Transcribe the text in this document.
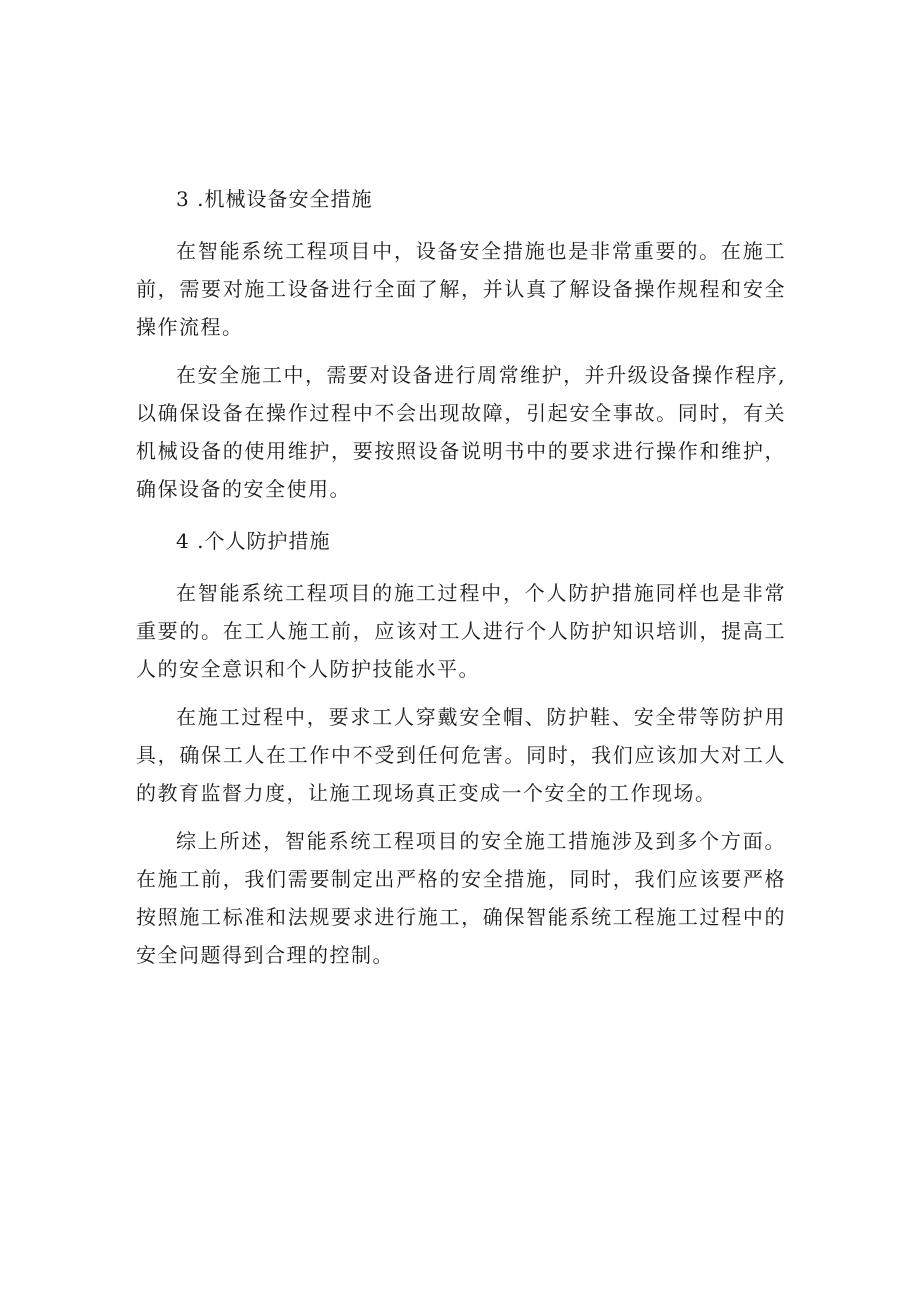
3 .机械设备安全措施

在智能系统工程项目中，设备安全措施也是非常重要的。在施工前，需要对施工设备进行全面了解，并认真了解设备操作规程和安全操作流程。

在安全施工中，需要对设备进行周常维护，并升级设备操作程序,以确保设备在操作过程中不会出现故障，引起安全事故。同时，有关机械设备的使用维护，要按照设备说明书中的要求进行操作和维护，确保设备的安全使用。

4 .个人防护措施

在智能系统工程项目的施工过程中，个人防护措施同样也是非常重要的。在工人施工前，应该对工人进行个人防护知识培训，提高工人的安全意识和个人防护技能水平。

在施工过程中，要求工人穿戴安全帽、防护鞋、安全带等防护用具，确保工人在工作中不受到任何危害。同时，我们应该加大对工人的教育监督力度，让施工现场真正变成一个安全的工作现场。

综上所述，智能系统工程项目的安全施工措施涉及到多个方面。在施工前，我们需要制定出严格的安全措施，同时，我们应该要严格按照施工标准和法规要求进行施工，确保智能系统工程施工过程中的安全问题得到合理的控制。
